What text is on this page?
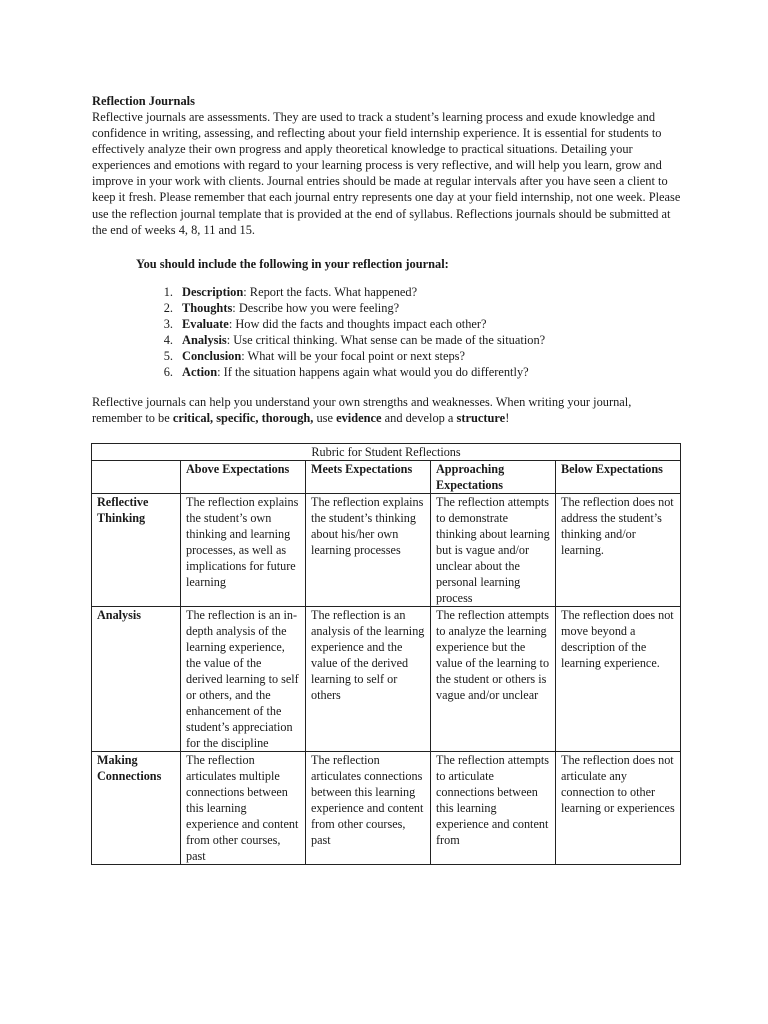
Reflection Journals

Reflective journals are assessments. They are used to track a student’s learning process and exude knowledge and confidence in writing, assessing, and reflecting about your field internship experience. It is essential for students to effectively analyze their own progress and apply theoretical knowledge to practical situations. Detailing your experiences and emotions with regard to your learning process is very reflective, and will help you learn, grow and improve in your work with clients. Journal entries should be made at regular intervals after you have seen a client to keep it fresh. Please remember that each journal entry represents one day at your field internship, not one week. Please use the reflection journal template that is provided at the end of syllabus. Reflections journals should be submitted at the end of weeks 4, 8, 11 and 15.

You should include the following in your reflection journal:

1. Description: Report the facts. What happened?
2. Thoughts: Describe how you were feeling?
3. Evaluate: How did the facts and thoughts impact each other?
4. Analysis: Use critical thinking. What sense can be made of the situation?
5. Conclusion: What will be your focal point or next steps?
6. Action: If the situation happens again what would you do differently?

Reflective journals can help you understand your own strengths and weaknesses. When writing your journal, remember to be critical, specific, thorough, use evidence and develop a structure!

Rubric for Student Reflections				
	Above Expectations	Meets Expectations	Approaching Expectations	Below Expectations
Reflective Thinking	The reflection explains the student’s own thinking and learning processes, as well as implications for future learning	The reflection explains the student’s thinking about his/her own learning processes	The reflection attempts to demonstrate thinking about learning but is vague and/or unclear about the personal learning process	The reflection does not address the student’s thinking and/or learning.
Analysis	The reflection is an in-depth analysis of the learning experience, the value of the derived learning to self or others, and the enhancement of the student’s appreciation for the discipline	The reflection is an analysis of the learning experience and the value of the derived learning to self or others	The reflection attempts to analyze the learning experience but the value of the learning to the student or others is vague and/or unclear	The reflection does not move beyond a description of the learning experience.
Making Connections	The reflection articulates multiple connections between this learning experience and content from other courses, past	The reflection articulates connections between this learning experience and content from other courses, past	The reflection attempts to articulate connections between this learning experience and content from	The reflection does not articulate any connection to other learning or experiences
